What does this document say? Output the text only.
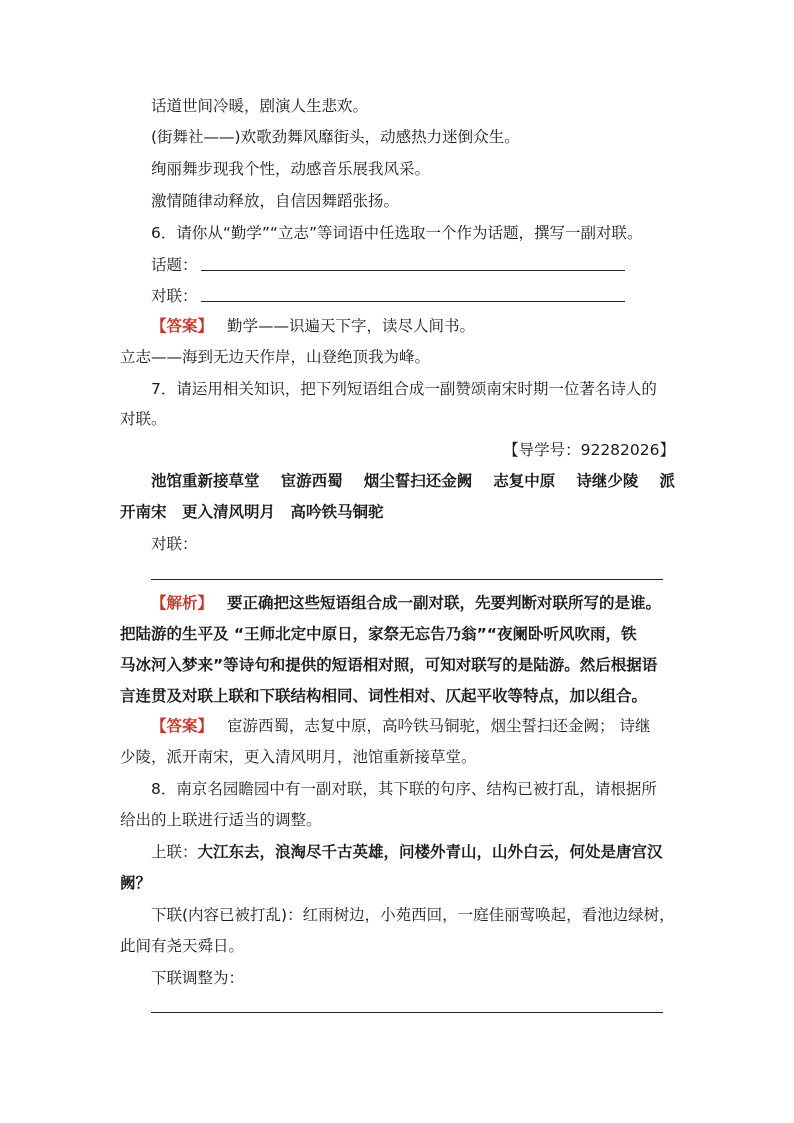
话道世间冷暖，剧演人生悲欢。
(街舞社——)欢歌劲舞风靡街头，动感热力迷倒众生。
绚丽舞步现我个性，动感音乐展我风采。
激情随律动释放，自信因舞蹈张扬。
6．请你从“勤学”“立志”等词语中任选取一个作为话题，撰写一副对联。
话题：
对联：
【答案】 勤学——识遍天下字，读尽人间书。
立志——海到无边天作岸，山登绝顶我为峰。
7．请运用相关知识，把下列短语组合成一副赞颂南宋时期一位著名诗人的
对联。
【导学号：92282026】
池馆重新接草堂 宦游西蜀 烟尘誓扫还金阙 志复中原 诗继少陵 派
开南宋　更入清风明月　高吟铁马铜驼
对联：
【解析】 要正确把这些短语组合成一副对联，先要判断对联所写的是谁。
把陆游的生平及 “王师北定中原日，家祭无忘告乃翁”“夜阑卧听风吹雨，铁
马冰河入梦来”等诗句和提供的短语相对照，可知对联写的是陆游。然后根据语
言连贯及对联上联和下联结构相同、词性相对、仄起平收等特点，加以组合。
【答案】 宦游西蜀，志复中原，高吟铁马铜驼，烟尘誓扫还金阙； 诗继
少陵，派开南宋，更入清风明月，池馆重新接草堂。
8．南京名园瞻园中有一副对联，其下联的句序、结构已被打乱，请根据所
给出的上联进行适当的调整。
上联：大江东去，浪淘尽千古英雄，问楼外青山，山外白云，何处是唐宫汉
阙？
下联(内容已被打乱)：红雨树边，小苑西回，一庭佳丽莺唤起，看池边绿树，
此间有尧天舜日。
下联调整为：
